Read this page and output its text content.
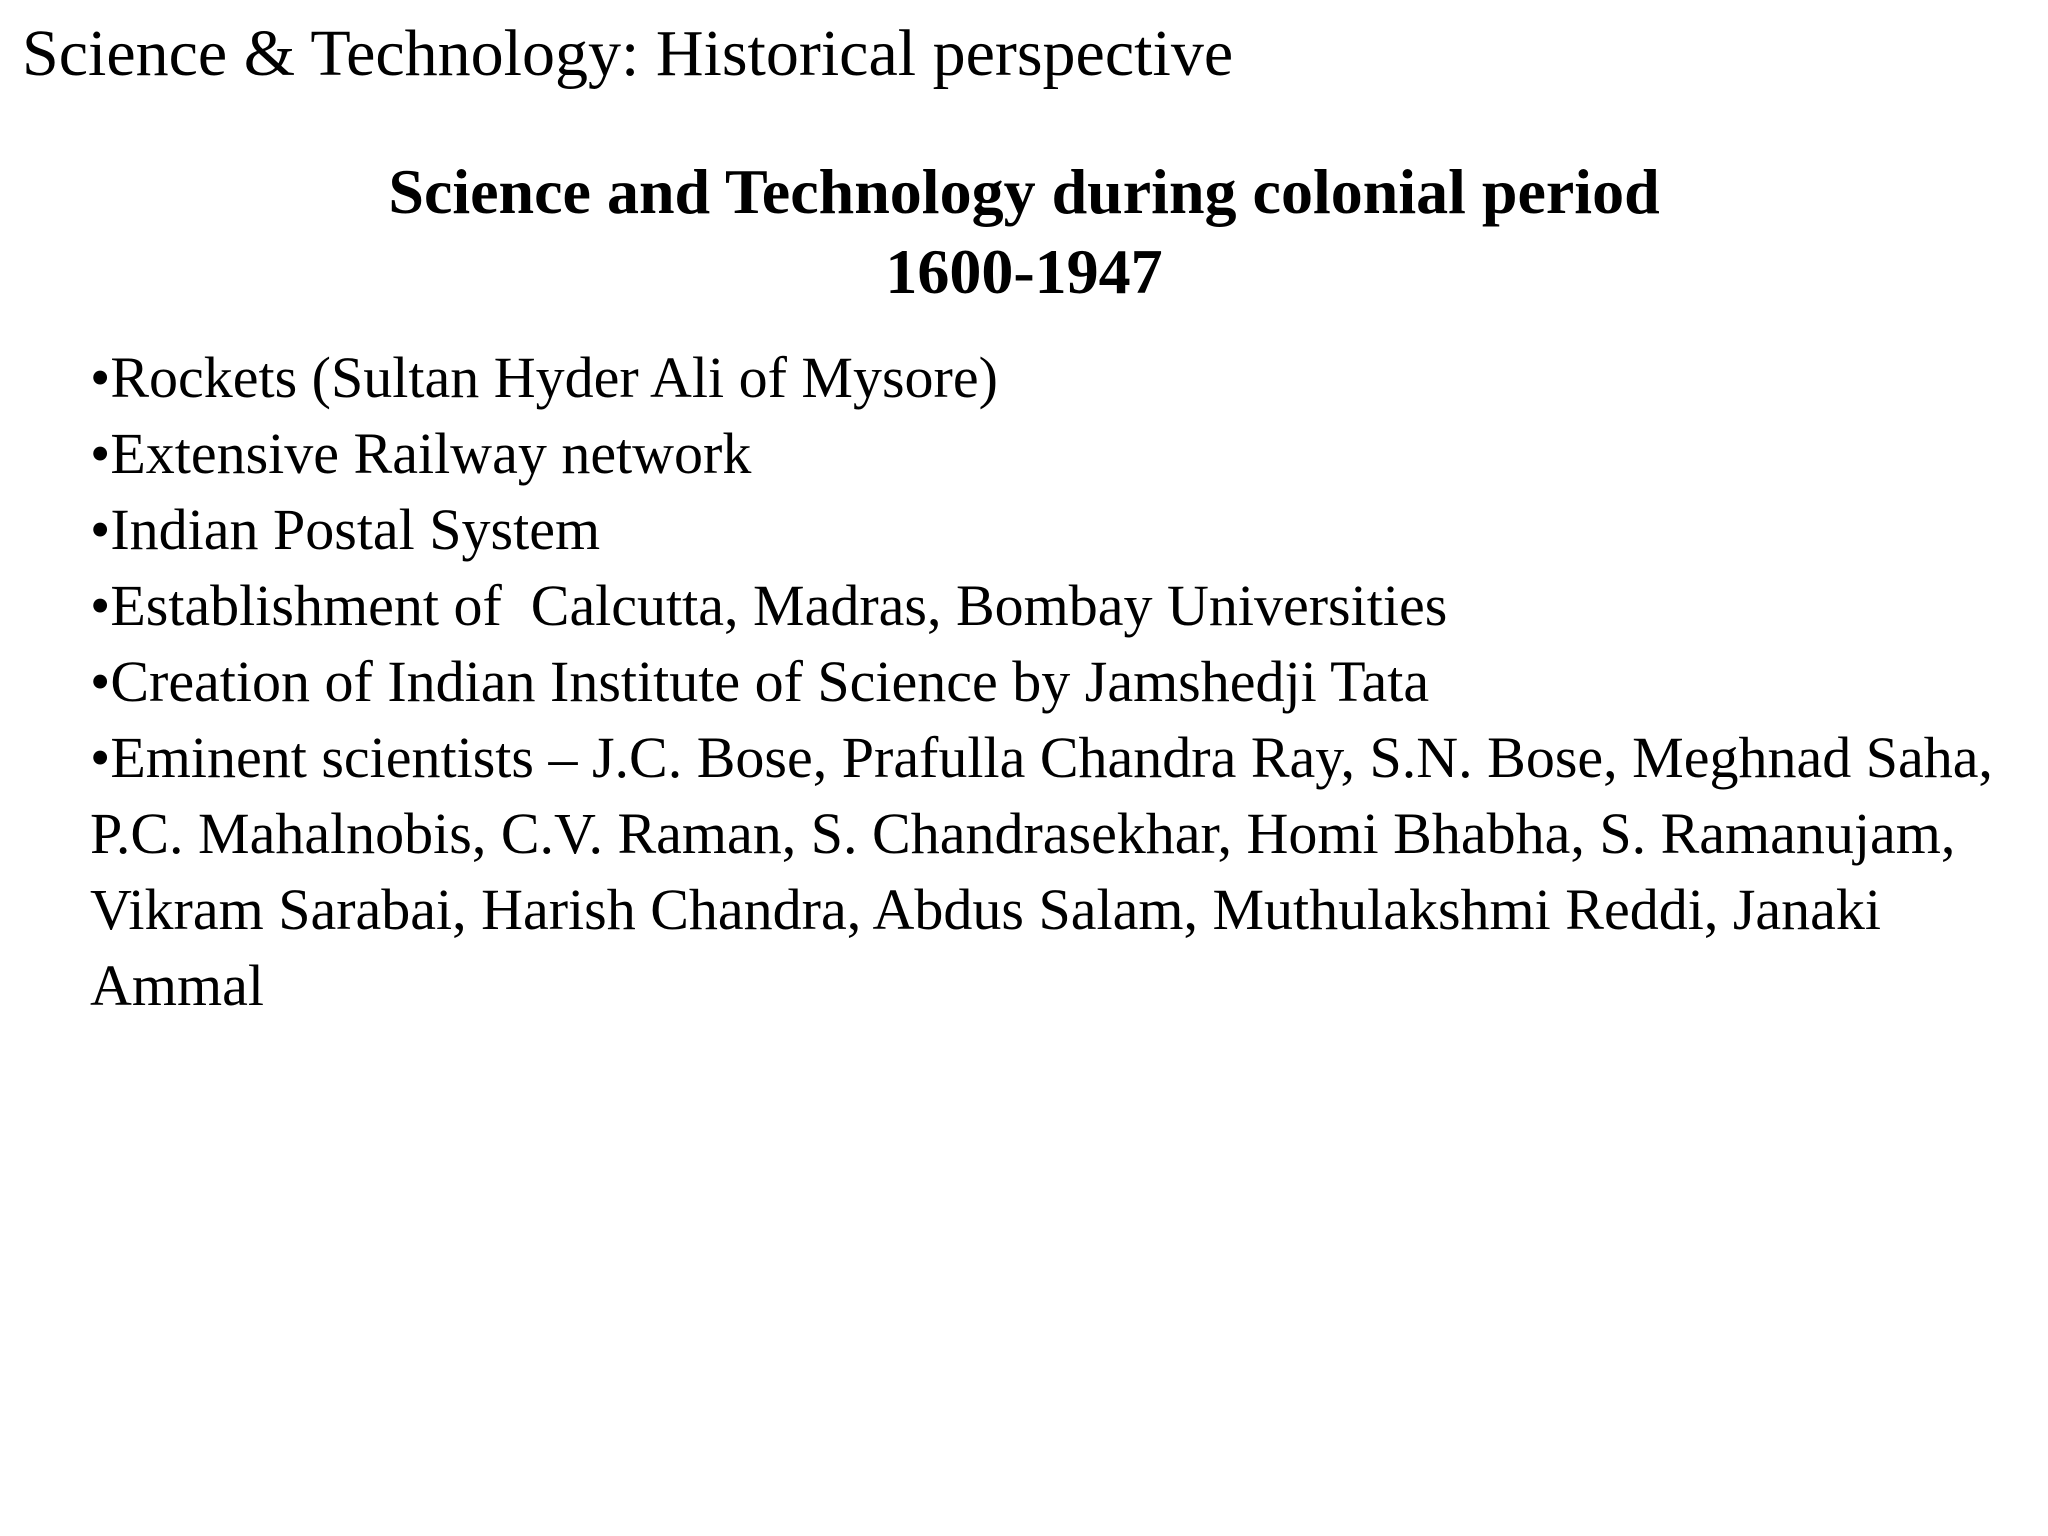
Science & Technology: Historical perspective
Science and Technology during colonial period
1600-1947
•Rockets (Sultan Hyder Ali of Mysore)
•Extensive Railway network
•Indian Postal System
•Establishment of  Calcutta, Madras, Bombay Universities
•Creation of Indian Institute of Science by Jamshedji Tata
•Eminent scientists – J.C. Bose, Prafulla Chandra Ray, S.N. Bose, Meghnad Saha, P.C. Mahalnobis, C.V. Raman, S. Chandrasekhar, Homi Bhabha, S. Ramanujam, Vikram Sarabai, Harish Chandra, Abdus Salam, Muthulakshmi Reddi, Janaki Ammal
